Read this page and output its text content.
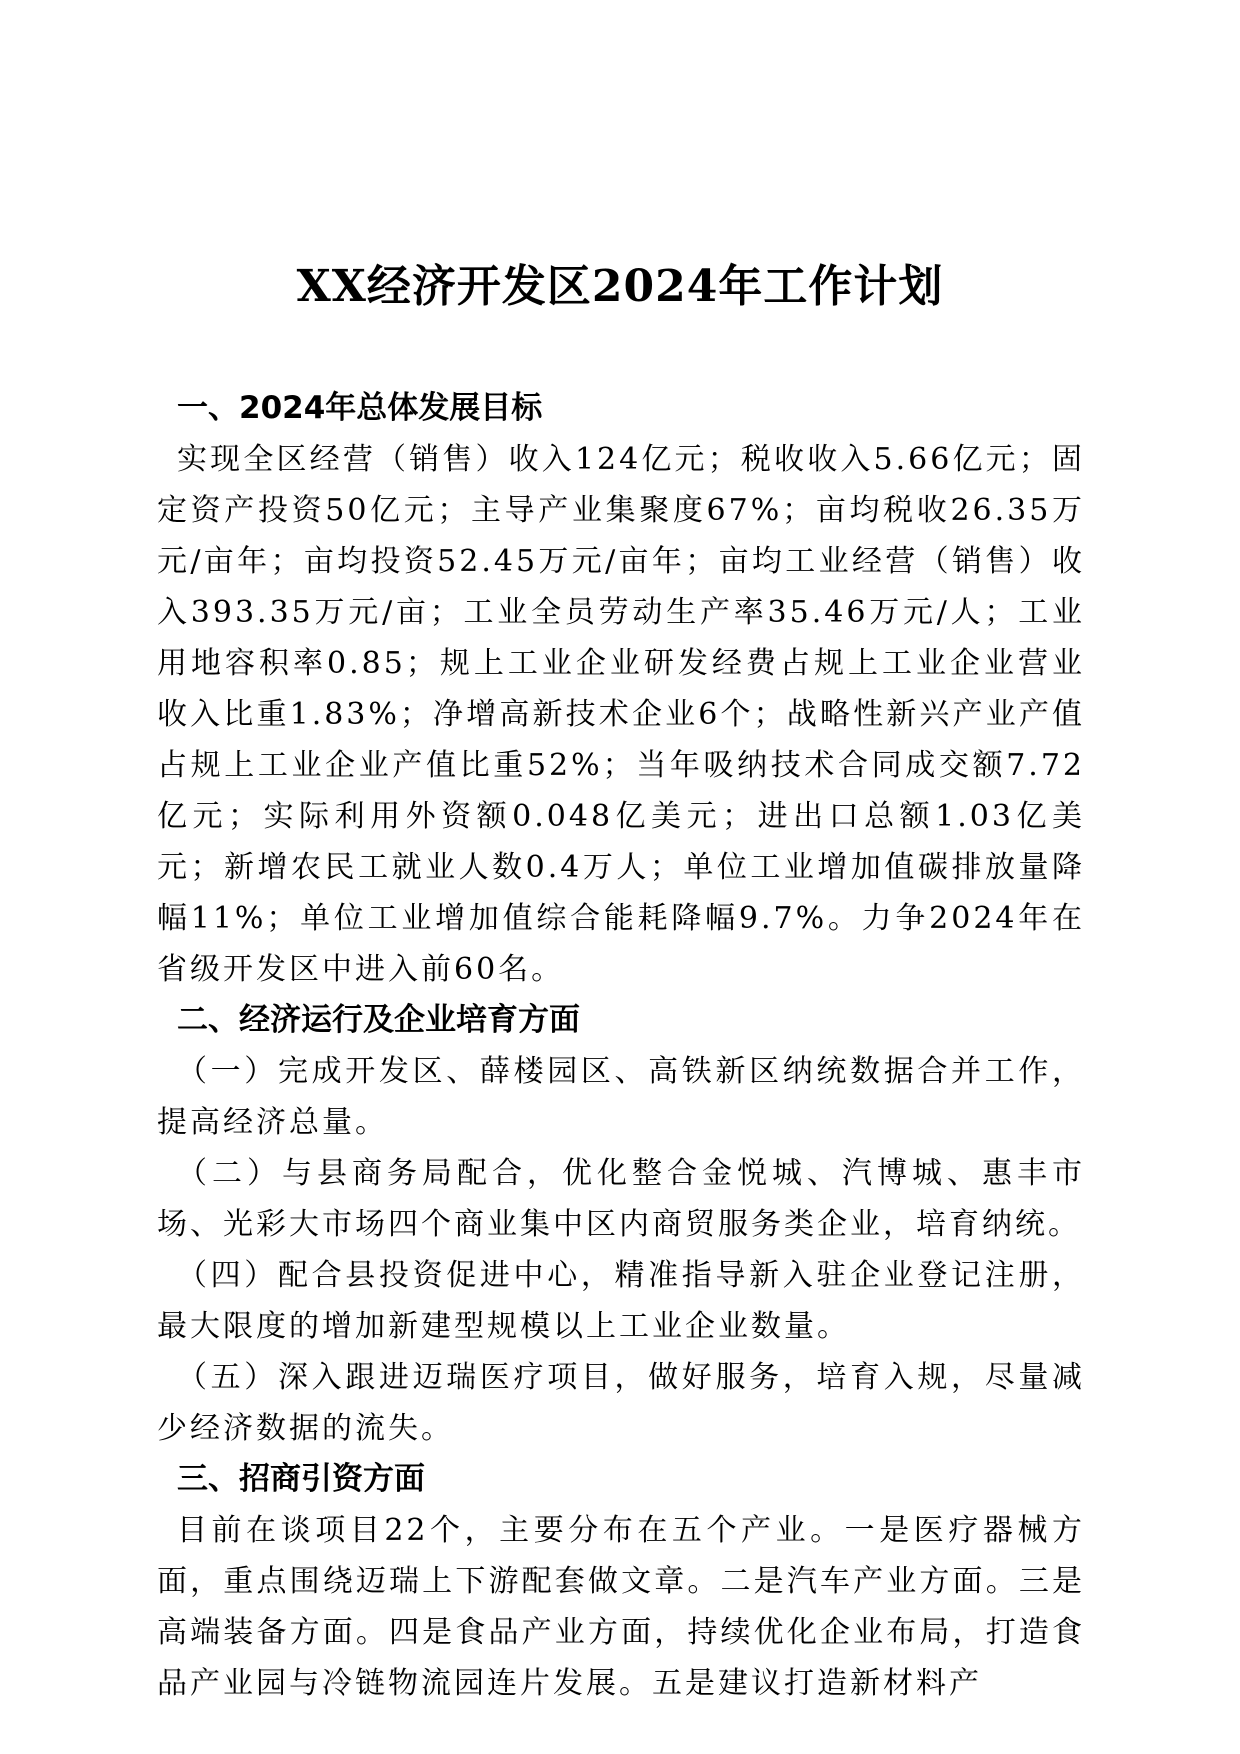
XX经济开发区2024年工作计划
一、2024年总体发展目标

实现全区经营（销售）收入124亿元；税收收入5.66亿元；固定资产投资50亿元；主导产业集聚度67%；亩均税收26.35万元/亩年；亩均投资52.45万元/亩年；亩均工业经营（销售）收入393.35万元/亩；工业全员劳动生产率35.46万元/人；工业用地容积率0.85；规上工业企业研发经费占规上工业企业营业收入比重1.83%；净增高新技术企业6个；战略性新兴产业产值占规上工业企业产值比重52%；当年吸纳技术合同成交额7.72亿元；实际利用外资额0.048亿美元；进出口总额1.03亿美元；新增农民工就业人数0.4万人；单位工业增加值碳排放量降幅11%；单位工业增加值综合能耗降幅9.7%。力争2024年在省级开发区中进入前60名。

二、经济运行及企业培育方面

（一）完成开发区、薛楼园区、高铁新区纳统数据合并工作，提高经济总量。

（二）与县商务局配合，优化整合金悦城、汽博城、惠丰市场、光彩大市场四个商业集中区内商贸服务类企业，培育纳统。

（四）配合县投资促进中心，精准指导新入驻企业登记注册，最大限度的增加新建型规模以上工业企业数量。

（五）深入跟进迈瑞医疗项目，做好服务，培育入规，尽量减少经济数据的流失。

三、招商引资方面

目前在谈项目22个，主要分布在五个产业。一是医疗器械方面，重点围绕迈瑞上下游配套做文章。二是汽车产业方面。三是高端装备方面。四是食品产业方面，持续优化企业布局，打造食品产业园与冷链物流园连片发展。五是建议打造新材料产
